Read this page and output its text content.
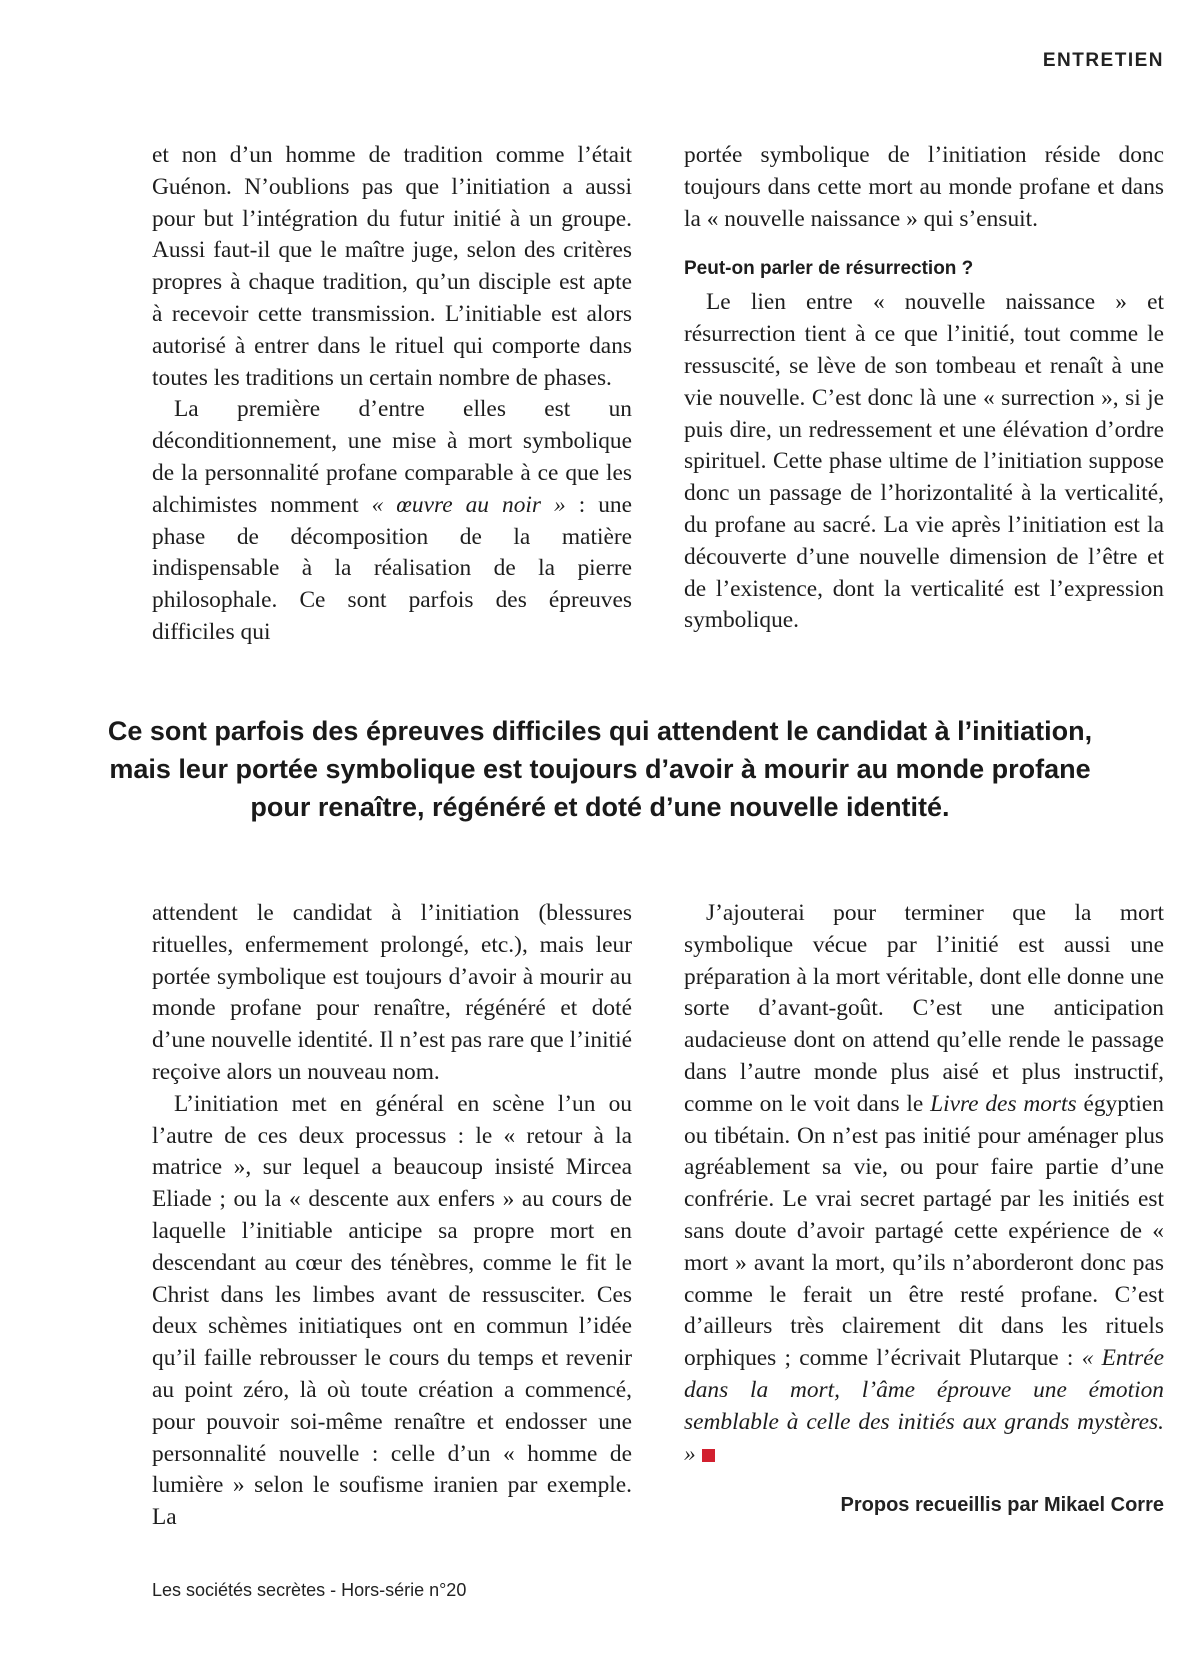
ENTRETIEN

et non d’un homme de tradition comme l’était Guénon. N’oublions pas que l’initiation a aussi pour but l’intégration du futur initié à un groupe. Aussi faut-il que le maître juge, selon des critères propres à chaque tradition, qu’un disciple est apte à recevoir cette transmission. L’initiable est alors autorisé à entrer dans le rituel qui comporte dans toutes les traditions un certain nombre de phases.

La première d’entre elles est un déconditionnement, une mise à mort symbolique de la personnalité profane comparable à ce que les alchimistes nomment « œuvre au noir » : une phase de décomposition de la matière indispensable à la réalisation de la pierre philosophale. Ce sont parfois des épreuves difficiles qui

portée symbolique de l’initiation réside donc toujours dans cette mort au monde profane et dans la « nouvelle naissance » qui s’ensuit.

Peut-on parler de résurrection ?

Le lien entre « nouvelle naissance » et résurrection tient à ce que l’initié, tout comme le ressuscité, se lève de son tombeau et renaît à une vie nouvelle. C’est donc là une « surrection », si je puis dire, un redressement et une élévation d’ordre spirituel. Cette phase ultime de l’initiation suppose donc un passage de l’horizontalité à la verticalité, du profane au sacré. La vie après l’initiation est la découverte d’une nouvelle dimension de l’être et de l’existence, dont la verticalité est l’expression symbolique.

Ce sont parfois des épreuves difficiles qui attendent le candidat à l’initiation,
mais leur portée symbolique est toujours d’avoir à mourir au monde profane
pour renaître, régénéré et doté d’une nouvelle identité.

attendent le candidat à l’initiation (blessures rituelles, enfermement prolongé, etc.), mais leur portée symbolique est toujours d’avoir à mourir au monde profane pour renaître, régénéré et doté d’une nouvelle identité. Il n’est pas rare que l’initié reçoive alors un nouveau nom.

L’initiation met en général en scène l’un ou l’autre de ces deux processus : le « retour à la matrice », sur lequel a beaucoup insisté Mircea Eliade ; ou la « descente aux enfers » au cours de laquelle l’initiable anticipe sa propre mort en descendant au cœur des ténèbres, comme le fit le Christ dans les limbes avant de ressusciter. Ces deux schèmes initiatiques ont en commun l’idée qu’il faille rebrousser le cours du temps et revenir au point zéro, là où toute création a commencé, pour pouvoir soi-même renaître et endosser une personnalité nouvelle : celle d’un « homme de lumière » selon le soufisme iranien par exemple. La

J’ajouterai pour terminer que la mort symbolique vécue par l’initié est aussi une préparation à la mort véritable, dont elle donne une sorte d’avant-goût. C’est une anticipation audacieuse dont on attend qu’elle rende le passage dans l’autre monde plus aisé et plus instructif, comme on le voit dans le Livre des morts égyptien ou tibétain. On n’est pas initié pour aménager plus agréablement sa vie, ou pour faire partie d’une confrérie. Le vrai secret partagé par les initiés est sans doute d’avoir partagé cette expérience de « mort » avant la mort, qu’ils n’aborderont donc pas comme le ferait un être resté profane. C’est d’ailleurs très clairement dit dans les rituels orphiques ; comme l’écrivait Plutarque : « Entrée dans la mort, l’âme éprouve une émotion semblable à celle des initiés aux grands mystères. »

Propos recueillis par Mikael Corre
Les sociétés secrètes - Hors-série n°20
